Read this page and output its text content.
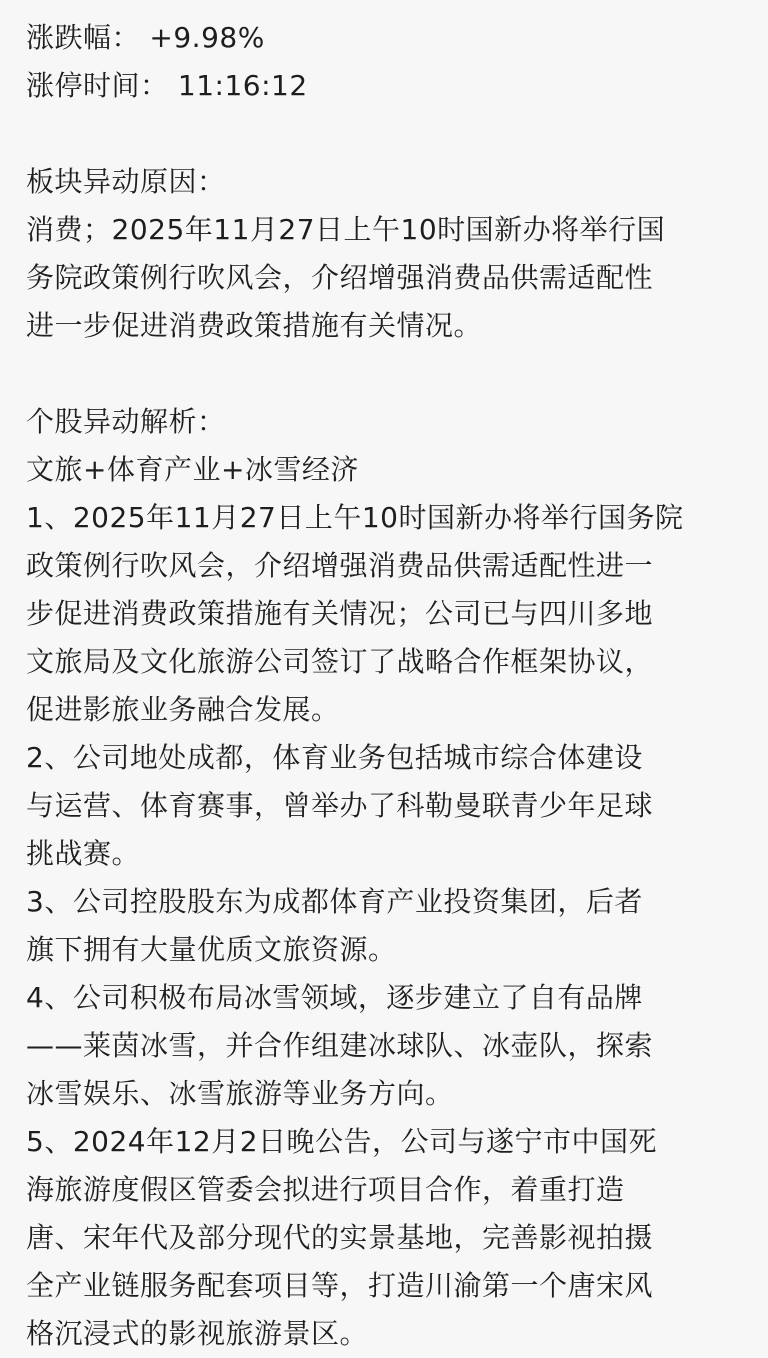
涨跌幅： +9.98%
涨停时间： 11:16:12
板块异动原因：
消费；2025年11月27日上午10时国新办将举行国
务院政策例行吹风会，介绍增强消费品供需适配性
进一步促进消费政策措施有关情况。
个股异动解析：
文旅+体育产业+冰雪经济
1、2025年11月27日上午10时国新办将举行国务院
政策例行吹风会，介绍增强消费品供需适配性进一
步促进消费政策措施有关情况；公司已与四川多地
文旅局及文化旅游公司签订了战略合作框架协议，
促进影旅业务融合发展。
2、公司地处成都，体育业务包括城市综合体建设
与运营、体育赛事，曾举办了科勒曼联青少年足球
挑战赛。
3、公司控股股东为成都体育产业投资集团，后者
旗下拥有大量优质文旅资源。
4、公司积极布局冰雪领域，逐步建立了自有品牌
——莱茵冰雪，并合作组建冰球队、冰壶队，探索
冰雪娱乐、冰雪旅游等业务方向。
5、2024年12月2日晚公告，公司与遂宁市中国死
海旅游度假区管委会拟进行项目合作，着重打造
唐、宋年代及部分现代的实景基地，完善影视拍摄
全产业链服务配套项目等，打造川渝第一个唐宋风
格沉浸式的影视旅游景区。
